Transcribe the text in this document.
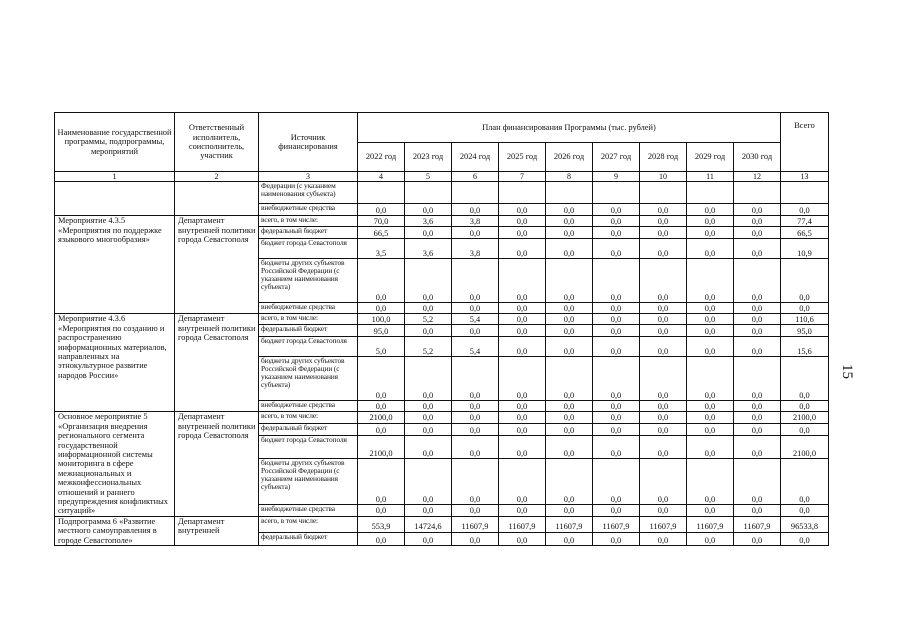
15
Наименование государственной программы, подпрограммы, мероприятий	Ответственный исполнитель, соисполнитель, участник	Источник финансирования	План финансирования Программы (тыс. рублей)									Всего
			2022 год	2023 год	2024 год	2025 год	2026 год	2027 год	2028 год	2029 год	2030 год	
1	2	3	4	5	6	7	8	9	10	11	12	13
		Федерации (с указанием наименования субъекта)										
		внебюджетные средства	0,0	0,0	0,0	0,0	0,0	0,0	0,0	0,0	0,0	0,0
Мероприятие 4.3.5 «Мероприятия по поддержке языкового многообразия»	Департамент внутренней политики города Севастополя	всего, в том числе:	70,0	3,6	3,8	0,0	0,0	0,0	0,0	0,0	0,0	77,4
		федеральный бюджет	66,5	0,0	0,0	0,0	0,0	0,0	0,0	0,0	0,0	66,5
		бюджет города Севастополя	3,5	3,6	3,8	0,0	0,0	0,0	0,0	0,0	0,0	10,9
		бюджеты других субъектов Российской Федерации (с указанием наименования субъекта)	0,0	0,0	0,0	0,0	0,0	0,0	0,0	0,0	0,0	0,0
		внебюджетные средства	0,0	0,0	0,0	0,0	0,0	0,0	0,0	0,0	0,0	0,0
Мероприятие 4.3.6 «Мероприятия по созданию и распространению информационных материалов, направленных на этнокультурное развитие народов России»	Департамент внутренней политики города Севастополя	всего, в том числе:	100,0	5,2	5,4	0,0	0,0	0,0	0,0	0,0	0,0	110,6
		федеральный бюджет	95,0	0,0	0,0	0,0	0,0	0,0	0,0	0,0	0,0	95,0
		бюджет города Севастополя	5,0	5,2	5,4	0,0	0,0	0,0	0,0	0,0	0,0	15,6
		бюджеты других субъектов Российской Федерации (с указанием наименования субъекта)	0,0	0,0	0,0	0,0	0,0	0,0	0,0	0,0	0,0	0,0
		внебюджетные средства	0,0	0,0	0,0	0,0	0,0	0,0	0,0	0,0	0,0	0,0
Основное мероприятие 5 «Организация внедрения регионального сегмента государственной информационной системы мониторинга в сфере межнациональных и межконфессиональных отношений и раннего предупреждения конфликтных ситуаций»	Департамент внутренней политики города Севастополя	всего, в том числе:	2100,0	0,0	0,0	0,0	0,0	0,0	0,0	0,0	0,0	2100,0
		федеральный бюджет	0,0	0,0	0,0	0,0	0,0	0,0	0,0	0,0	0,0	0,0
		бюджет города Севастополя	2100,0	0,0	0,0	0,0	0,0	0,0	0,0	0,0	0,0	2100,0
		бюджеты других субъектов Российской Федерации (с указанием наименования субъекта)	0,0	0,0	0,0	0,0	0,0	0,0	0,0	0,0	0,0	0,0
		внебюджетные средства	0,0	0,0	0,0	0,0	0,0	0,0	0,0	0,0	0,0	0,0
Подпрограмма 6 «Развитие местного самоуправления в городе Севастополе»	Департамент внутренней	всего, в том числе:	553,9	14724,6	11607,9	11607,9	11607,9	11607,9	11607,9	11607,9	11607,9	96533,8
		федеральный бюджет	0,0	0,0	0,0	0,0	0,0	0,0	0,0	0,0	0,0	0,0
